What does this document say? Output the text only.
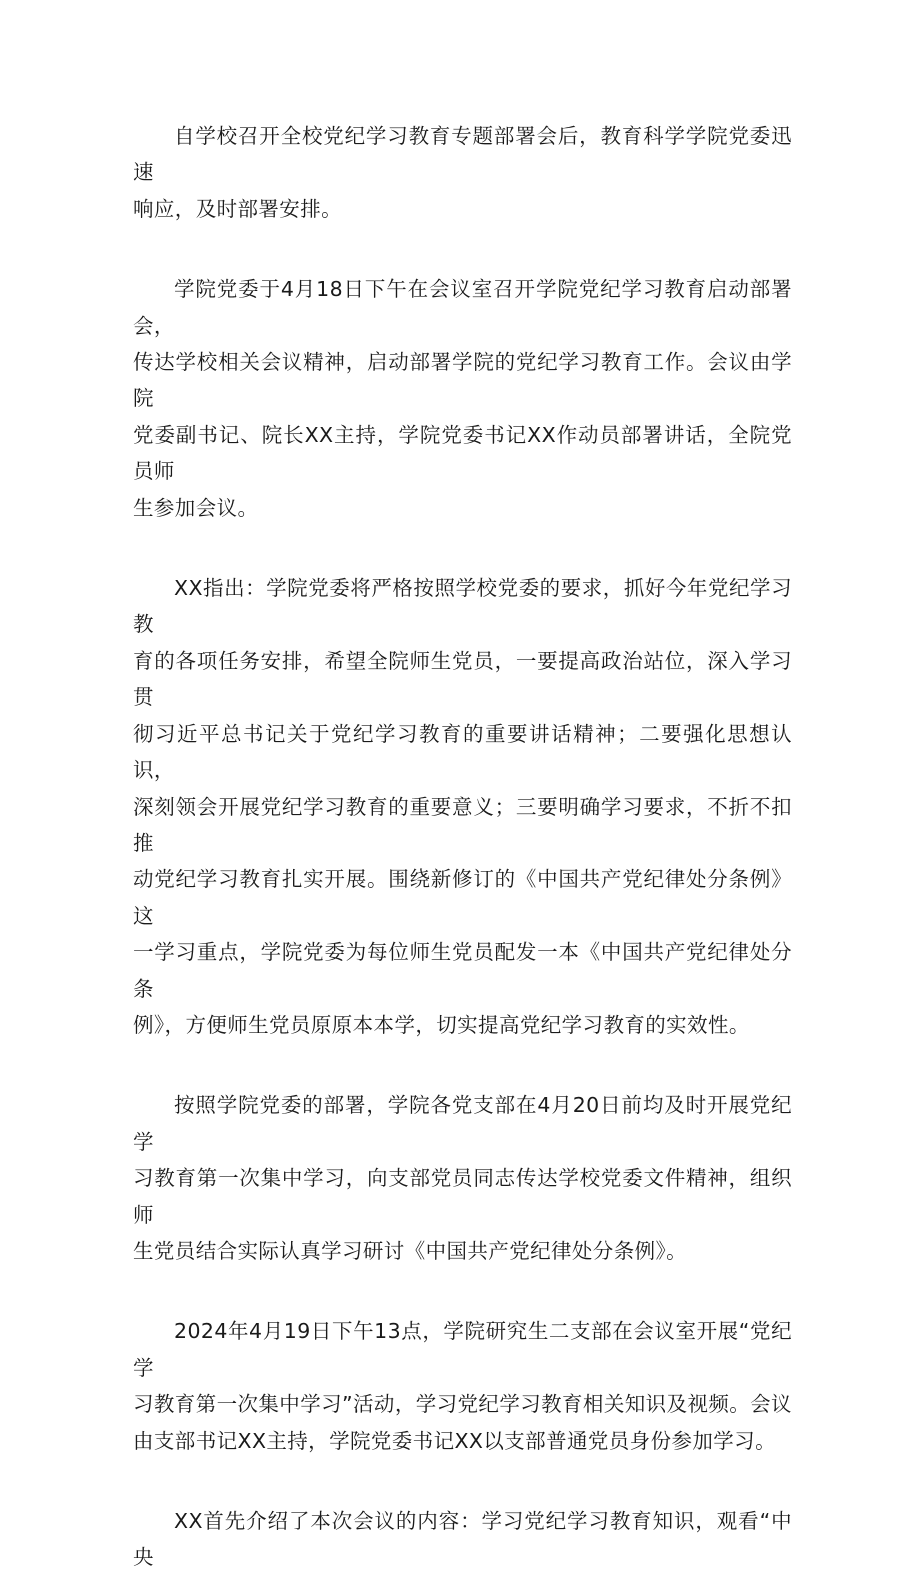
自学校召开全校党纪学习教育专题部署会后，教育科学学院党委迅速
响应，及时部署安排。

学院党委于4月18日下午在会议室召开学院党纪学习教育启动部署会，
传达学校相关会议精神，启动部署学院的党纪学习教育工作。会议由学院
党委副书记、院长XX主持，学院党委书记XX作动员部署讲话，全院党员师
生参加会议。

XX指出：学院党委将严格按照学校党委的要求，抓好今年党纪学习教
育的各项任务安排，希望全院师生党员，一要提高政治站位，深入学习贯
彻习近平总书记关于党纪学习教育的重要讲话精神；二要强化思想认识，
深刻领会开展党纪学习教育的重要意义；三要明确学习要求，不折不扣推
动党纪学习教育扎实开展。围绕新修订的《中国共产党纪律处分条例》这
一学习重点，学院党委为每位师生党员配发一本《中国共产党纪律处分条
例》，方便师生党员原原本本学，切实提高党纪学习教育的实效性。

按照学院党委的部署，学院各党支部在4月20日前均及时开展党纪学
习教育第一次集中学习，向支部党员同志传达学校党委文件精神，组织师
生党员结合实际认真学习研讨《中国共产党纪律处分条例》。

2024年4月19日下午13点，学院研究生二支部在会议室开展“党纪学
习教育第一次集中学习”活动，学习党纪学习教育相关知识及视频。会议
由支部书记XX主持，学院党委书记XX以支部普通党员身份参加学习。

XX首先介绍了本次会议的内容：学习党纪学习教育知识，观看“中央
